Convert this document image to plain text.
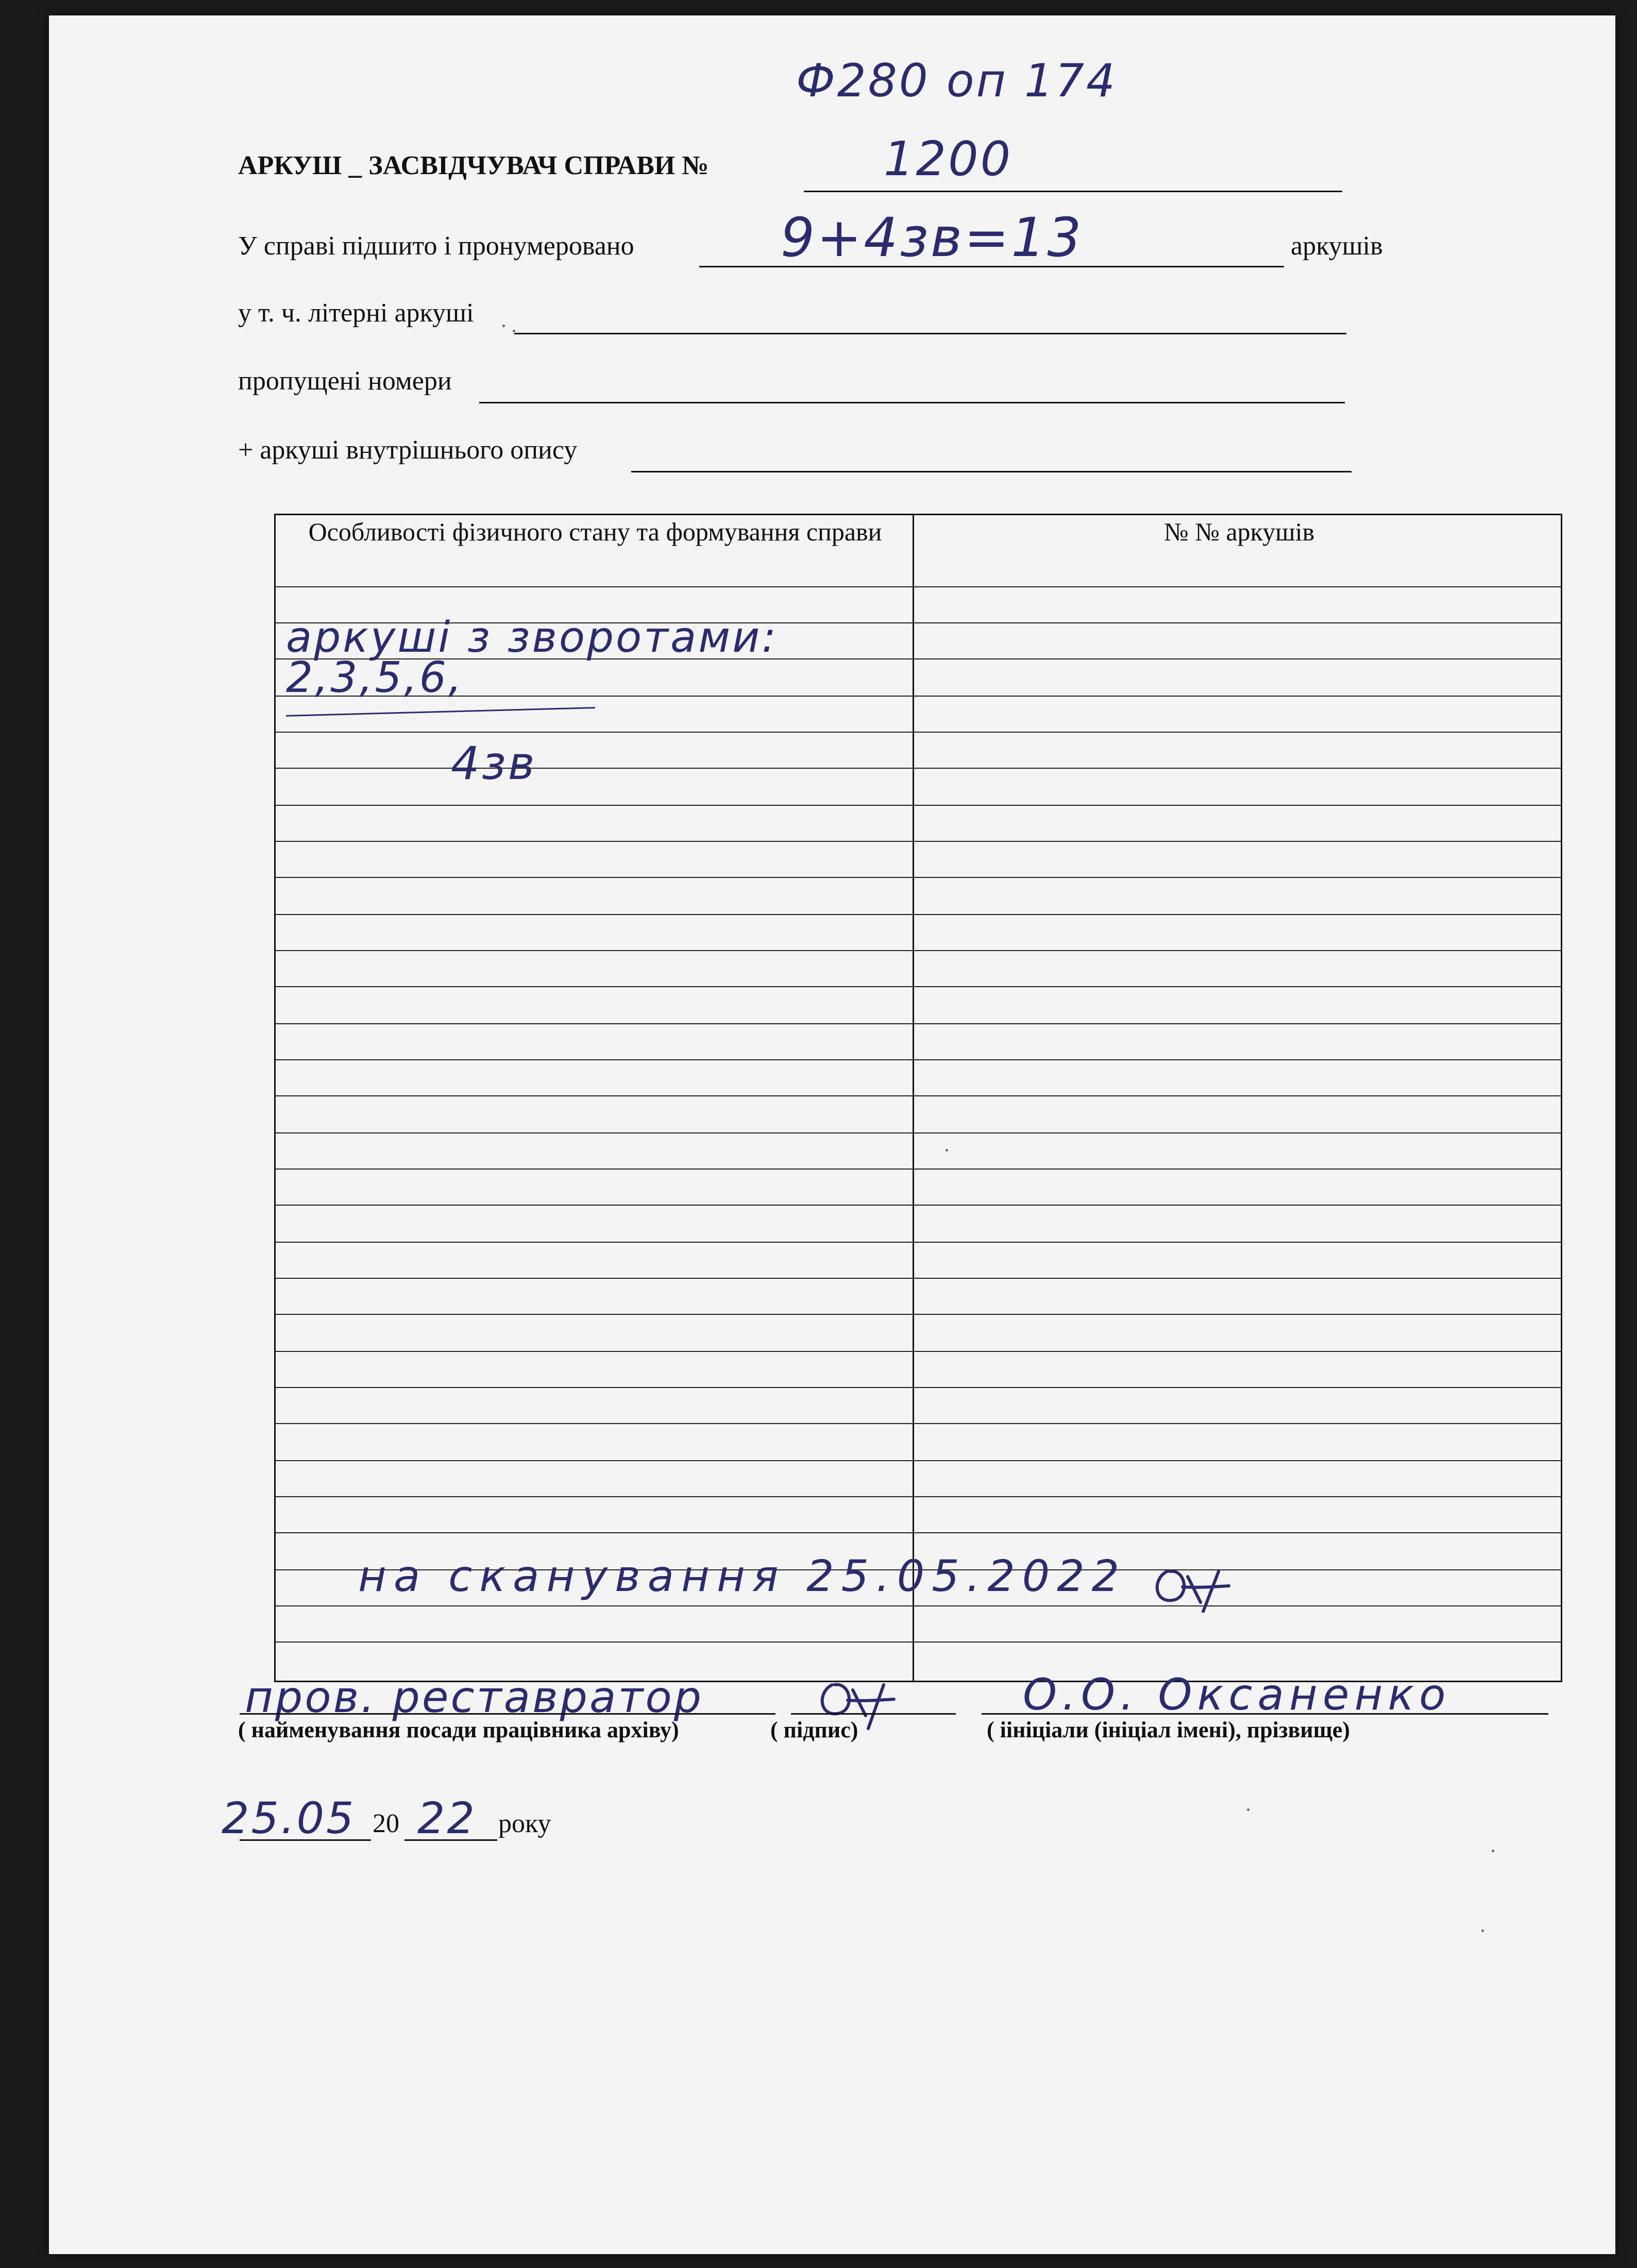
Ф280 оп 174
АРКУШ _ ЗАСВІДЧУВАЧ СПРАВИ №	1200
У справі підшито і пронумеровано	9+4зв=13	аркушів
у т. ч. літерні аркуші
пропущені номери
+ аркуші внутрішнього опису
Особливості фізичного стану та формування справи	№ № аркушів
аркуші з зворотами:
2,3,5,6,
4зв
на сканування 25.05.2022
пров. реставратор
( найменування посади працівника архіву)	( підпис)
О.О. Оксаненко
( іініціали (ініціал імені), прізвище)
25.05 20 22 року
